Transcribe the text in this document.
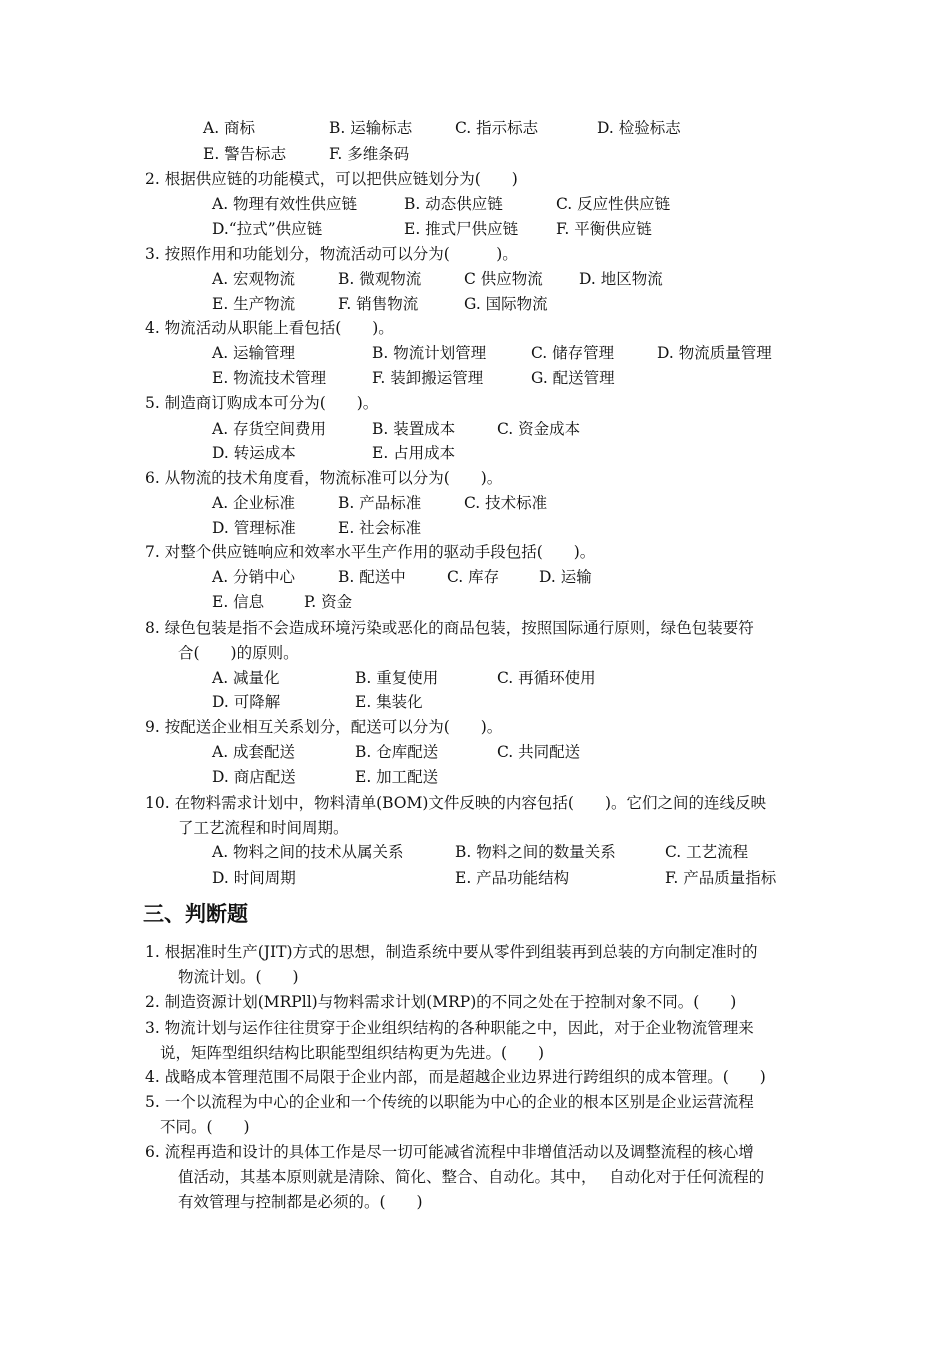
A. 商标	B. 运输标志	C. 指示标志	D. 检验标志
E. 警告标志	F. 多维条码
2. 根据供应链的功能模式，可以把供应链划分为(　　)
A. 物理有效性供应链	B. 动态供应链	C. 反应性供应链
D.“拉式”供应链	E. 推式尸供应链 F. 平衡供应链
3. 按照作用和功能划分，物流活动可以分为(　　　)。
A. 宏观物流	B. 微观物流	C 供应物流 D. 地区物流
E. 生产物流	F. 销售物流	G. 国际物流
4. 物流活动从职能上看包括(　　)。
A. 运输管理	B. 物流计划管理	C. 储存管理	D. 物流质量管理
E. 物流技术管理	F. 装卸搬运管理	G. 配送管理
5. 制造商订购成本可分为(　　)。
A. 存货空间费用	B. 装置成本	C. 资金成本
D. 转运成本	E. 占用成本
6. 从物流的技术角度看，物流标准可以分为(　　)。
A. 企业标准	B. 产品标准	C. 技术标准
D. 管理标准	E. 社会标准
7. 对整个供应链响应和效率水平生产作用的驱动手段包括(　　)。
A. 分销中心	B. 配送中	C. 库存	D. 运输
E. 信息	P. 资金
8. 绿色包装是指不会造成环境污染或恶化的商品包装，按照国际通行原则，绿色包装要符
合(　　)的原则。
A. 减量化	B. 重复使用	C. 再循环使用
D. 可降解	E. 集装化
9. 按配送企业相互关系划分，配送可以分为(　　)。
A. 成套配送	B. 仓库配送	C. 共同配送
D. 商店配送	E. 加工配送
10. 在物料需求计划中，物料清单(BOM)文件反映的内容包括(　　)。它们之间的连线反映
了工艺流程和时间周期。
A. 物料之间的技术从属关系	B. 物料之间的数量关系	C. 工艺流程
D. 时间周期	E. 产品功能结构	F. 产品质量指标
三、判断题
1. 根据准时生产(JIT)方式的思想，制造系统中要从零件到组装再到总装的方向制定准时的
物流计划。(　　)
2. 制造资源计划(MRPll)与物料需求计划(MRP)的不同之处在于控制对象不同。(　　)
3. 物流计划与运作往往贯穿于企业组织结构的各种职能之中，因此，对于企业物流管理来
说，矩阵型组织结构比职能型组织结构更为先进。(　　)
4. 战略成本管理范围不局限于企业内部，而是超越企业边界进行跨组织的成本管理。(　　)
5. 一个以流程为中心的企业和一个传统的以职能为中心的企业的根本区别是企业运营流程
不同。(　　)
6. 流程再造和设计的具体工作是尽一切可能减省流程中非增值活动以及调整流程的核心增
值活动，其基本原则就是清除、简化、整合、自动化。其中，　 自动化对于任何流程的
有效管理与控制都是必须的。(　　)
